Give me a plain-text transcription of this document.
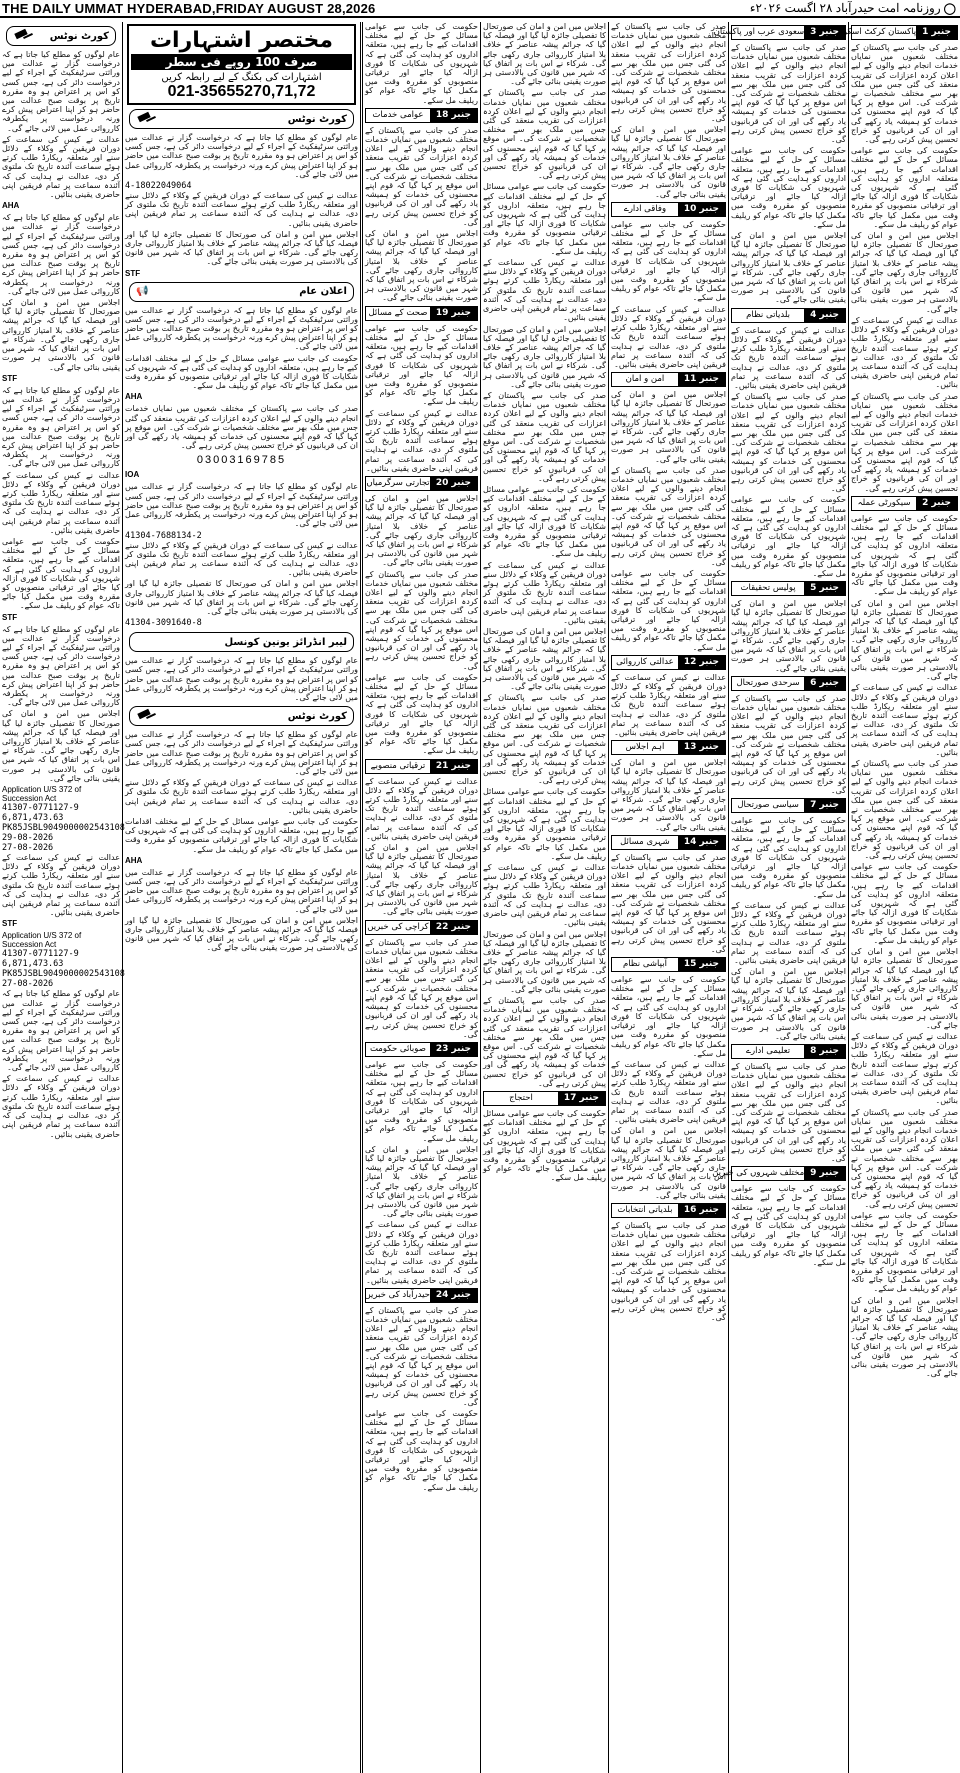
THE DAILY UMMAT HYDERABAD,FRIDAY AUGUST 28,2026	◯ روزنامہ امت حیدرآباد ۲۸ اگست ۲۰۲۶ء
کورٹ نوٹس

عام لوگوں کو مطلع کیا جاتا ہے کہ درخواست گزار نے عدالت میں وراثتی سرٹیفکیٹ کے اجراء کے لیے درخواست دائر کی ہے، جس کسی کو اس پر اعتراض ہو وہ مقررہ تاریخ پر بوقت صبح عدالت میں حاضر ہو کر اپنا اعتراض پیش کرے ورنہ درخواست پر یکطرفہ کارروائی عمل میں لائی جائے گی۔

عدالت نے کیس کی سماعت کے دوران فریقین کے وکلاء کے دلائل سنے اور متعلقہ ریکارڈ طلب کرتے ہوئے سماعت آئندہ تاریخ تک ملتوی کر دی، عدالت نے ہدایت کی کہ آئندہ سماعت پر تمام فریقین اپنی حاضری یقینی بنائیں۔

AHA

عام لوگوں کو مطلع کیا جاتا ہے کہ درخواست گزار نے عدالت میں وراثتی سرٹیفکیٹ کے اجراء کے لیے درخواست دائر کی ہے، جس کسی کو اس پر اعتراض ہو وہ مقررہ تاریخ پر بوقت صبح عدالت میں حاضر ہو کر اپنا اعتراض پیش کرے ورنہ درخواست پر یکطرفہ کارروائی عمل میں لائی جائے گی۔

اجلاس میں امن و امان کی صورتحال کا تفصیلی جائزہ لیا گیا اور فیصلہ کیا گیا کہ جرائم پیشہ عناصر کے خلاف بلا امتیاز کارروائی جاری رکھی جائے گی۔ شرکاء نے اس بات پر اتفاق کیا کہ شہر میں قانون کی بالادستی ہر صورت یقینی بنائی جائے گی۔

STF

عام لوگوں کو مطلع کیا جاتا ہے کہ درخواست گزار نے عدالت میں وراثتی سرٹیفکیٹ کے اجراء کے لیے درخواست دائر کی ہے، جس کسی کو اس پر اعتراض ہو وہ مقررہ تاریخ پر بوقت صبح عدالت میں حاضر ہو کر اپنا اعتراض پیش کرے ورنہ درخواست پر یکطرفہ کارروائی عمل میں لائی جائے گی۔

عدالت نے کیس کی سماعت کے دوران فریقین کے وکلاء کے دلائل سنے اور متعلقہ ریکارڈ طلب کرتے ہوئے سماعت آئندہ تاریخ تک ملتوی کر دی، عدالت نے ہدایت کی کہ آئندہ سماعت پر تمام فریقین اپنی حاضری یقینی بنائیں۔

حکومت کی جانب سے عوامی مسائل کے حل کے لیے مختلف اقدامات کیے جا رہے ہیں، متعلقہ اداروں کو ہدایت کی گئی ہے کہ شہریوں کی شکایات کا فوری ازالہ کیا جائے اور ترقیاتی منصوبوں کو مقررہ وقت میں مکمل کیا جائے تاکہ عوام کو ریلیف مل سکے۔

STF

عام لوگوں کو مطلع کیا جاتا ہے کہ درخواست گزار نے عدالت میں وراثتی سرٹیفکیٹ کے اجراء کے لیے درخواست دائر کی ہے، جس کسی کو اس پر اعتراض ہو وہ مقررہ تاریخ پر بوقت صبح عدالت میں حاضر ہو کر اپنا اعتراض پیش کرے ورنہ درخواست پر یکطرفہ کارروائی عمل میں لائی جائے گی۔

اجلاس میں امن و امان کی صورتحال کا تفصیلی جائزہ لیا گیا اور فیصلہ کیا گیا کہ جرائم پیشہ عناصر کے خلاف بلا امتیاز کارروائی جاری رکھی جائے گی۔ شرکاء نے اس بات پر اتفاق کیا کہ شہر میں قانون کی بالادستی ہر صورت یقینی بنائی جائے گی۔

Application U/S 372 of Succession Act
41307-0771127-9
6,871,473.63
PK85JSBL9049000002543108
29-08-2026
27-08-2026

عدالت نے کیس کی سماعت کے دوران فریقین کے وکلاء کے دلائل سنے اور متعلقہ ریکارڈ طلب کرتے ہوئے سماعت آئندہ تاریخ تک ملتوی کر دی، عدالت نے ہدایت کی کہ آئندہ سماعت پر تمام فریقین اپنی حاضری یقینی بنائیں۔

STF
Application U/S 372 of Succession Act
41307-0771127-9
6,871,473.63
PK85JSBL9049000002543108
27-08-2026

عام لوگوں کو مطلع کیا جاتا ہے کہ درخواست گزار نے عدالت میں وراثتی سرٹیفکیٹ کے اجراء کے لیے درخواست دائر کی ہے، جس کسی کو اس پر اعتراض ہو وہ مقررہ تاریخ پر بوقت صبح عدالت میں حاضر ہو کر اپنا اعتراض پیش کرے ورنہ درخواست پر یکطرفہ کارروائی عمل میں لائی جائے گی۔

عدالت نے کیس کی سماعت کے دوران فریقین کے وکلاء کے دلائل سنے اور متعلقہ ریکارڈ طلب کرتے ہوئے سماعت آئندہ تاریخ تک ملتوی کر دی، عدالت نے ہدایت کی کہ آئندہ سماعت پر تمام فریقین اپنی حاضری یقینی بنائیں۔

مختصر اشتہارات
صرف 100 روپے فی سطر
اشتہارات کی بکنگ کے لیے رابطہ کریں
021-35655270,71,72
کورٹ نوٹس

عام لوگوں کو مطلع کیا جاتا ہے کہ درخواست گزار نے عدالت میں وراثتی سرٹیفکیٹ کے اجراء کے لیے درخواست دائر کی ہے، جس کسی کو اس پر اعتراض ہو وہ مقررہ تاریخ پر بوقت صبح عدالت میں حاضر ہو کر اپنا اعتراض پیش کرے ورنہ درخواست پر یکطرفہ کارروائی عمل میں لائی جائے گی۔

4-18022049064

عدالت نے کیس کی سماعت کے دوران فریقین کے وکلاء کے دلائل سنے اور متعلقہ ریکارڈ طلب کرتے ہوئے سماعت آئندہ تاریخ تک ملتوی کر دی، عدالت نے ہدایت کی کہ آئندہ سماعت پر تمام فریقین اپنی حاضری یقینی بنائیں۔

اجلاس میں امن و امان کی صورتحال کا تفصیلی جائزہ لیا گیا اور فیصلہ کیا گیا کہ جرائم پیشہ عناصر کے خلاف بلا امتیاز کارروائی جاری رکھی جائے گی۔ شرکاء نے اس بات پر اتفاق کیا کہ شہر میں قانون کی بالادستی ہر صورت یقینی بنائی جائے گی۔

STF
اعلان عام
📢

عام لوگوں کو مطلع کیا جاتا ہے کہ درخواست گزار نے عدالت میں وراثتی سرٹیفکیٹ کے اجراء کے لیے درخواست دائر کی ہے، جس کسی کو اس پر اعتراض ہو وہ مقررہ تاریخ پر بوقت صبح عدالت میں حاضر ہو کر اپنا اعتراض پیش کرے ورنہ درخواست پر یکطرفہ کارروائی عمل میں لائی جائے گی۔

حکومت کی جانب سے عوامی مسائل کے حل کے لیے مختلف اقدامات کیے جا رہے ہیں، متعلقہ اداروں کو ہدایت کی گئی ہے کہ شہریوں کی شکایات کا فوری ازالہ کیا جائے اور ترقیاتی منصوبوں کو مقررہ وقت میں مکمل کیا جائے تاکہ عوام کو ریلیف مل سکے۔

AHA

صدر کی جانب سے پاکستان کے مختلف شعبوں میں نمایاں خدمات انجام دینے والوں کے لیے اعلان کردہ اعزازات کی تقریب منعقد کی گئی جس میں ملک بھر سے مختلف شخصیات نے شرکت کی۔ اس موقع پر کہا گیا کہ قوم اپنے محسنوں کی خدمات کو ہمیشہ یاد رکھے گی اور ان کی قربانیوں کو خراج تحسین پیش کرتی رہے گی۔

03003169785
IOA

عام لوگوں کو مطلع کیا جاتا ہے کہ درخواست گزار نے عدالت میں وراثتی سرٹیفکیٹ کے اجراء کے لیے درخواست دائر کی ہے، جس کسی کو اس پر اعتراض ہو وہ مقررہ تاریخ پر بوقت صبح عدالت میں حاضر ہو کر اپنا اعتراض پیش کرے ورنہ درخواست پر یکطرفہ کارروائی عمل میں لائی جائے گی۔

41304-7688134-2

عدالت نے کیس کی سماعت کے دوران فریقین کے وکلاء کے دلائل سنے اور متعلقہ ریکارڈ طلب کرتے ہوئے سماعت آئندہ تاریخ تک ملتوی کر دی، عدالت نے ہدایت کی کہ آئندہ سماعت پر تمام فریقین اپنی حاضری یقینی بنائیں۔

اجلاس میں امن و امان کی صورتحال کا تفصیلی جائزہ لیا گیا اور فیصلہ کیا گیا کہ جرائم پیشہ عناصر کے خلاف بلا امتیاز کارروائی جاری رکھی جائے گی۔ شرکاء نے اس بات پر اتفاق کیا کہ شہر میں قانون کی بالادستی ہر صورت یقینی بنائی جائے گی۔

41304-3091640-8
لیبر انڈرائز یونین کونسل

عام لوگوں کو مطلع کیا جاتا ہے کہ درخواست گزار نے عدالت میں وراثتی سرٹیفکیٹ کے اجراء کے لیے درخواست دائر کی ہے، جس کسی کو اس پر اعتراض ہو وہ مقررہ تاریخ پر بوقت صبح عدالت میں حاضر ہو کر اپنا اعتراض پیش کرے ورنہ درخواست پر یکطرفہ کارروائی عمل میں لائی جائے گی۔

کورٹ نوٹس

عام لوگوں کو مطلع کیا جاتا ہے کہ درخواست گزار نے عدالت میں وراثتی سرٹیفکیٹ کے اجراء کے لیے درخواست دائر کی ہے، جس کسی کو اس پر اعتراض ہو وہ مقررہ تاریخ پر بوقت صبح عدالت میں حاضر ہو کر اپنا اعتراض پیش کرے ورنہ درخواست پر یکطرفہ کارروائی عمل میں لائی جائے گی۔

عدالت نے کیس کی سماعت کے دوران فریقین کے وکلاء کے دلائل سنے اور متعلقہ ریکارڈ طلب کرتے ہوئے سماعت آئندہ تاریخ تک ملتوی کر دی، عدالت نے ہدایت کی کہ آئندہ سماعت پر تمام فریقین اپنی حاضری یقینی بنائیں۔

حکومت کی جانب سے عوامی مسائل کے حل کے لیے مختلف اقدامات کیے جا رہے ہیں، متعلقہ اداروں کو ہدایت کی گئی ہے کہ شہریوں کی شکایات کا فوری ازالہ کیا جائے اور ترقیاتی منصوبوں کو مقررہ وقت میں مکمل کیا جائے تاکہ عوام کو ریلیف مل سکے۔

AHA

عام لوگوں کو مطلع کیا جاتا ہے کہ درخواست گزار نے عدالت میں وراثتی سرٹیفکیٹ کے اجراء کے لیے درخواست دائر کی ہے، جس کسی کو اس پر اعتراض ہو وہ مقررہ تاریخ پر بوقت صبح عدالت میں حاضر ہو کر اپنا اعتراض پیش کرے ورنہ درخواست پر یکطرفہ کارروائی عمل میں لائی جائے گی۔

اجلاس میں امن و امان کی صورتحال کا تفصیلی جائزہ لیا گیا اور فیصلہ کیا گیا کہ جرائم پیشہ عناصر کے خلاف بلا امتیاز کارروائی جاری رکھی جائے گی۔ شرکاء نے اس بات پر اتفاق کیا کہ شہر میں قانون کی بالادستی ہر صورت یقینی بنائی جائے گی۔

حکومت کی جانب سے عوامی مسائل کے حل کے لیے مختلف اقدامات کیے جا رہے ہیں، متعلقہ اداروں کو ہدایت کی گئی ہے کہ شہریوں کی شکایات کا فوری ازالہ کیا جائے اور ترقیاتی منصوبوں کو مقررہ وقت میں مکمل کیا جائے تاکہ عوام کو ریلیف مل سکے۔

جنبر 18
عوامی خدمات

صدر کی جانب سے پاکستان کے مختلف شعبوں میں نمایاں خدمات انجام دینے والوں کے لیے اعلان کردہ اعزازات کی تقریب منعقد کی گئی جس میں ملک بھر سے مختلف شخصیات نے شرکت کی۔ اس موقع پر کہا گیا کہ قوم اپنے محسنوں کی خدمات کو ہمیشہ یاد رکھے گی اور ان کی قربانیوں کو خراج تحسین پیش کرتی رہے گی۔

اجلاس میں امن و امان کی صورتحال کا تفصیلی جائزہ لیا گیا اور فیصلہ کیا گیا کہ جرائم پیشہ عناصر کے خلاف بلا امتیاز کارروائی جاری رکھی جائے گی۔ شرکاء نے اس بات پر اتفاق کیا کہ شہر میں قانون کی بالادستی ہر صورت یقینی بنائی جائے گی۔

جنبر 19
صحت کے مسائل

حکومت کی جانب سے عوامی مسائل کے حل کے لیے مختلف اقدامات کیے جا رہے ہیں، متعلقہ اداروں کو ہدایت کی گئی ہے کہ شہریوں کی شکایات کا فوری ازالہ کیا جائے اور ترقیاتی منصوبوں کو مقررہ وقت میں مکمل کیا جائے تاکہ عوام کو ریلیف مل سکے۔

عدالت نے کیس کی سماعت کے دوران فریقین کے وکلاء کے دلائل سنے اور متعلقہ ریکارڈ طلب کرتے ہوئے سماعت آئندہ تاریخ تک ملتوی کر دی، عدالت نے ہدایت کی کہ آئندہ سماعت پر تمام فریقین اپنی حاضری یقینی بنائیں۔

جنبر 20
تجارتی سرگرمیاں

اجلاس میں امن و امان کی صورتحال کا تفصیلی جائزہ لیا گیا اور فیصلہ کیا گیا کہ جرائم پیشہ عناصر کے خلاف بلا امتیاز کارروائی جاری رکھی جائے گی۔ شرکاء نے اس بات پر اتفاق کیا کہ شہر میں قانون کی بالادستی ہر صورت یقینی بنائی جائے گی۔

صدر کی جانب سے پاکستان کے مختلف شعبوں میں نمایاں خدمات انجام دینے والوں کے لیے اعلان کردہ اعزازات کی تقریب منعقد کی گئی جس میں ملک بھر سے مختلف شخصیات نے شرکت کی۔ اس موقع پر کہا گیا کہ قوم اپنے محسنوں کی خدمات کو ہمیشہ یاد رکھے گی اور ان کی قربانیوں کو خراج تحسین پیش کرتی رہے گی۔

حکومت کی جانب سے عوامی مسائل کے حل کے لیے مختلف اقدامات کیے جا رہے ہیں، متعلقہ اداروں کو ہدایت کی گئی ہے کہ شہریوں کی شکایات کا فوری ازالہ کیا جائے اور ترقیاتی منصوبوں کو مقررہ وقت میں مکمل کیا جائے تاکہ عوام کو ریلیف مل سکے۔

جنبر 21
ترقیاتی منصوبے

عدالت نے کیس کی سماعت کے دوران فریقین کے وکلاء کے دلائل سنے اور متعلقہ ریکارڈ طلب کرتے ہوئے سماعت آئندہ تاریخ تک ملتوی کر دی، عدالت نے ہدایت کی کہ آئندہ سماعت پر تمام فریقین اپنی حاضری یقینی بنائیں۔

اجلاس میں امن و امان کی صورتحال کا تفصیلی جائزہ لیا گیا اور فیصلہ کیا گیا کہ جرائم پیشہ عناصر کے خلاف بلا امتیاز کارروائی جاری رکھی جائے گی۔ شرکاء نے اس بات پر اتفاق کیا کہ شہر میں قانون کی بالادستی ہر صورت یقینی بنائی جائے گی۔

جنبر 22
کراچی کی خبریں

صدر کی جانب سے پاکستان کے مختلف شعبوں میں نمایاں خدمات انجام دینے والوں کے لیے اعلان کردہ اعزازات کی تقریب منعقد کی گئی جس میں ملک بھر سے مختلف شخصیات نے شرکت کی۔ اس موقع پر کہا گیا کہ قوم اپنے محسنوں کی خدمات کو ہمیشہ یاد رکھے گی اور ان کی قربانیوں کو خراج تحسین پیش کرتی رہے گی۔

جنبر 23
صوبائی حکومت

حکومت کی جانب سے عوامی مسائل کے حل کے لیے مختلف اقدامات کیے جا رہے ہیں، متعلقہ اداروں کو ہدایت کی گئی ہے کہ شہریوں کی شکایات کا فوری ازالہ کیا جائے اور ترقیاتی منصوبوں کو مقررہ وقت میں مکمل کیا جائے تاکہ عوام کو ریلیف مل سکے۔

اجلاس میں امن و امان کی صورتحال کا تفصیلی جائزہ لیا گیا اور فیصلہ کیا گیا کہ جرائم پیشہ عناصر کے خلاف بلا امتیاز کارروائی جاری رکھی جائے گی۔ شرکاء نے اس بات پر اتفاق کیا کہ شہر میں قانون کی بالادستی ہر صورت یقینی بنائی جائے گی۔

عدالت نے کیس کی سماعت کے دوران فریقین کے وکلاء کے دلائل سنے اور متعلقہ ریکارڈ طلب کرتے ہوئے سماعت آئندہ تاریخ تک ملتوی کر دی، عدالت نے ہدایت کی کہ آئندہ سماعت پر تمام فریقین اپنی حاضری یقینی بنائیں۔

جنبر 24
حیدرآباد کی خبریں

صدر کی جانب سے پاکستان کے مختلف شعبوں میں نمایاں خدمات انجام دینے والوں کے لیے اعلان کردہ اعزازات کی تقریب منعقد کی گئی جس میں ملک بھر سے مختلف شخصیات نے شرکت کی۔ اس موقع پر کہا گیا کہ قوم اپنے محسنوں کی خدمات کو ہمیشہ یاد رکھے گی اور ان کی قربانیوں کو خراج تحسین پیش کرتی رہے گی۔

حکومت کی جانب سے عوامی مسائل کے حل کے لیے مختلف اقدامات کیے جا رہے ہیں، متعلقہ اداروں کو ہدایت کی گئی ہے کہ شہریوں کی شکایات کا فوری ازالہ کیا جائے اور ترقیاتی منصوبوں کو مقررہ وقت میں مکمل کیا جائے تاکہ عوام کو ریلیف مل سکے۔

اجلاس میں امن و امان کی صورتحال کا تفصیلی جائزہ لیا گیا اور فیصلہ کیا گیا کہ جرائم پیشہ عناصر کے خلاف بلا امتیاز کارروائی جاری رکھی جائے گی۔ شرکاء نے اس بات پر اتفاق کیا کہ شہر میں قانون کی بالادستی ہر صورت یقینی بنائی جائے گی۔

صدر کی جانب سے پاکستان کے مختلف شعبوں میں نمایاں خدمات انجام دینے والوں کے لیے اعلان کردہ اعزازات کی تقریب منعقد کی گئی جس میں ملک بھر سے مختلف شخصیات نے شرکت کی۔ اس موقع پر کہا گیا کہ قوم اپنے محسنوں کی خدمات کو ہمیشہ یاد رکھے گی اور ان کی قربانیوں کو خراج تحسین پیش کرتی رہے گی۔

حکومت کی جانب سے عوامی مسائل کے حل کے لیے مختلف اقدامات کیے جا رہے ہیں، متعلقہ اداروں کو ہدایت کی گئی ہے کہ شہریوں کی شکایات کا فوری ازالہ کیا جائے اور ترقیاتی منصوبوں کو مقررہ وقت میں مکمل کیا جائے تاکہ عوام کو ریلیف مل سکے۔

عدالت نے کیس کی سماعت کے دوران فریقین کے وکلاء کے دلائل سنے اور متعلقہ ریکارڈ طلب کرتے ہوئے سماعت آئندہ تاریخ تک ملتوی کر دی، عدالت نے ہدایت کی کہ آئندہ سماعت پر تمام فریقین اپنی حاضری یقینی بنائیں۔

اجلاس میں امن و امان کی صورتحال کا تفصیلی جائزہ لیا گیا اور فیصلہ کیا گیا کہ جرائم پیشہ عناصر کے خلاف بلا امتیاز کارروائی جاری رکھی جائے گی۔ شرکاء نے اس بات پر اتفاق کیا کہ شہر میں قانون کی بالادستی ہر صورت یقینی بنائی جائے گی۔

صدر کی جانب سے پاکستان کے مختلف شعبوں میں نمایاں خدمات انجام دینے والوں کے لیے اعلان کردہ اعزازات کی تقریب منعقد کی گئی جس میں ملک بھر سے مختلف شخصیات نے شرکت کی۔ اس موقع پر کہا گیا کہ قوم اپنے محسنوں کی خدمات کو ہمیشہ یاد رکھے گی اور ان کی قربانیوں کو خراج تحسین پیش کرتی رہے گی۔

حکومت کی جانب سے عوامی مسائل کے حل کے لیے مختلف اقدامات کیے جا رہے ہیں، متعلقہ اداروں کو ہدایت کی گئی ہے کہ شہریوں کی شکایات کا فوری ازالہ کیا جائے اور ترقیاتی منصوبوں کو مقررہ وقت میں مکمل کیا جائے تاکہ عوام کو ریلیف مل سکے۔

عدالت نے کیس کی سماعت کے دوران فریقین کے وکلاء کے دلائل سنے اور متعلقہ ریکارڈ طلب کرتے ہوئے سماعت آئندہ تاریخ تک ملتوی کر دی، عدالت نے ہدایت کی کہ آئندہ سماعت پر تمام فریقین اپنی حاضری یقینی بنائیں۔

اجلاس میں امن و امان کی صورتحال کا تفصیلی جائزہ لیا گیا اور فیصلہ کیا گیا کہ جرائم پیشہ عناصر کے خلاف بلا امتیاز کارروائی جاری رکھی جائے گی۔ شرکاء نے اس بات پر اتفاق کیا کہ شہر میں قانون کی بالادستی ہر صورت یقینی بنائی جائے گی۔

صدر کی جانب سے پاکستان کے مختلف شعبوں میں نمایاں خدمات انجام دینے والوں کے لیے اعلان کردہ اعزازات کی تقریب منعقد کی گئی جس میں ملک بھر سے مختلف شخصیات نے شرکت کی۔ اس موقع پر کہا گیا کہ قوم اپنے محسنوں کی خدمات کو ہمیشہ یاد رکھے گی اور ان کی قربانیوں کو خراج تحسین پیش کرتی رہے گی۔

حکومت کی جانب سے عوامی مسائل کے حل کے لیے مختلف اقدامات کیے جا رہے ہیں، متعلقہ اداروں کو ہدایت کی گئی ہے کہ شہریوں کی شکایات کا فوری ازالہ کیا جائے اور ترقیاتی منصوبوں کو مقررہ وقت میں مکمل کیا جائے تاکہ عوام کو ریلیف مل سکے۔

عدالت نے کیس کی سماعت کے دوران فریقین کے وکلاء کے دلائل سنے اور متعلقہ ریکارڈ طلب کرتے ہوئے سماعت آئندہ تاریخ تک ملتوی کر دی، عدالت نے ہدایت کی کہ آئندہ سماعت پر تمام فریقین اپنی حاضری یقینی بنائیں۔

اجلاس میں امن و امان کی صورتحال کا تفصیلی جائزہ لیا گیا اور فیصلہ کیا گیا کہ جرائم پیشہ عناصر کے خلاف بلا امتیاز کارروائی جاری رکھی جائے گی۔ شرکاء نے اس بات پر اتفاق کیا کہ شہر میں قانون کی بالادستی ہر صورت یقینی بنائی جائے گی۔

صدر کی جانب سے پاکستان کے مختلف شعبوں میں نمایاں خدمات انجام دینے والوں کے لیے اعلان کردہ اعزازات کی تقریب منعقد کی گئی جس میں ملک بھر سے مختلف شخصیات نے شرکت کی۔ اس موقع پر کہا گیا کہ قوم اپنے محسنوں کی خدمات کو ہمیشہ یاد رکھے گی اور ان کی قربانیوں کو خراج تحسین پیش کرتی رہے گی۔

جنبر 17
احتجاج

حکومت کی جانب سے عوامی مسائل کے حل کے لیے مختلف اقدامات کیے جا رہے ہیں، متعلقہ اداروں کو ہدایت کی گئی ہے کہ شہریوں کی شکایات کا فوری ازالہ کیا جائے اور ترقیاتی منصوبوں کو مقررہ وقت میں مکمل کیا جائے تاکہ عوام کو ریلیف مل سکے۔

صدر کی جانب سے پاکستان کے مختلف شعبوں میں نمایاں خدمات انجام دینے والوں کے لیے اعلان کردہ اعزازات کی تقریب منعقد کی گئی جس میں ملک بھر سے مختلف شخصیات نے شرکت کی۔ اس موقع پر کہا گیا کہ قوم اپنے محسنوں کی خدمات کو ہمیشہ یاد رکھے گی اور ان کی قربانیوں کو خراج تحسین پیش کرتی رہے گی۔

اجلاس میں امن و امان کی صورتحال کا تفصیلی جائزہ لیا گیا اور فیصلہ کیا گیا کہ جرائم پیشہ عناصر کے خلاف بلا امتیاز کارروائی جاری رکھی جائے گی۔ شرکاء نے اس بات پر اتفاق کیا کہ شہر میں قانون کی بالادستی ہر صورت یقینی بنائی جائے گی۔

جنبر 10
وفاقی ادارے

حکومت کی جانب سے عوامی مسائل کے حل کے لیے مختلف اقدامات کیے جا رہے ہیں، متعلقہ اداروں کو ہدایت کی گئی ہے کہ شہریوں کی شکایات کا فوری ازالہ کیا جائے اور ترقیاتی منصوبوں کو مقررہ وقت میں مکمل کیا جائے تاکہ عوام کو ریلیف مل سکے۔

عدالت نے کیس کی سماعت کے دوران فریقین کے وکلاء کے دلائل سنے اور متعلقہ ریکارڈ طلب کرتے ہوئے سماعت آئندہ تاریخ تک ملتوی کر دی، عدالت نے ہدایت کی کہ آئندہ سماعت پر تمام فریقین اپنی حاضری یقینی بنائیں۔

جنبر 11
امن و امان

اجلاس میں امن و امان کی صورتحال کا تفصیلی جائزہ لیا گیا اور فیصلہ کیا گیا کہ جرائم پیشہ عناصر کے خلاف بلا امتیاز کارروائی جاری رکھی جائے گی۔ شرکاء نے اس بات پر اتفاق کیا کہ شہر میں قانون کی بالادستی ہر صورت یقینی بنائی جائے گی۔

صدر کی جانب سے پاکستان کے مختلف شعبوں میں نمایاں خدمات انجام دینے والوں کے لیے اعلان کردہ اعزازات کی تقریب منعقد کی گئی جس میں ملک بھر سے مختلف شخصیات نے شرکت کی۔ اس موقع پر کہا گیا کہ قوم اپنے محسنوں کی خدمات کو ہمیشہ یاد رکھے گی اور ان کی قربانیوں کو خراج تحسین پیش کرتی رہے گی۔

حکومت کی جانب سے عوامی مسائل کے حل کے لیے مختلف اقدامات کیے جا رہے ہیں، متعلقہ اداروں کو ہدایت کی گئی ہے کہ شہریوں کی شکایات کا فوری ازالہ کیا جائے اور ترقیاتی منصوبوں کو مقررہ وقت میں مکمل کیا جائے تاکہ عوام کو ریلیف مل سکے۔

جنبر 12
عدالتی کارروائی

عدالت نے کیس کی سماعت کے دوران فریقین کے وکلاء کے دلائل سنے اور متعلقہ ریکارڈ طلب کرتے ہوئے سماعت آئندہ تاریخ تک ملتوی کر دی، عدالت نے ہدایت کی کہ آئندہ سماعت پر تمام فریقین اپنی حاضری یقینی بنائیں۔

جنبر 13
اہم اجلاس

اجلاس میں امن و امان کی صورتحال کا تفصیلی جائزہ لیا گیا اور فیصلہ کیا گیا کہ جرائم پیشہ عناصر کے خلاف بلا امتیاز کارروائی جاری رکھی جائے گی۔ شرکاء نے اس بات پر اتفاق کیا کہ شہر میں قانون کی بالادستی ہر صورت یقینی بنائی جائے گی۔

جنبر 14
شہری مسائل

صدر کی جانب سے پاکستان کے مختلف شعبوں میں نمایاں خدمات انجام دینے والوں کے لیے اعلان کردہ اعزازات کی تقریب منعقد کی گئی جس میں ملک بھر سے مختلف شخصیات نے شرکت کی۔ اس موقع پر کہا گیا کہ قوم اپنے محسنوں کی خدمات کو ہمیشہ یاد رکھے گی اور ان کی قربانیوں کو خراج تحسین پیش کرتی رہے گی۔

جنبر 15
آبپاشی نظام

حکومت کی جانب سے عوامی مسائل کے حل کے لیے مختلف اقدامات کیے جا رہے ہیں، متعلقہ اداروں کو ہدایت کی گئی ہے کہ شہریوں کی شکایات کا فوری ازالہ کیا جائے اور ترقیاتی منصوبوں کو مقررہ وقت میں مکمل کیا جائے تاکہ عوام کو ریلیف مل سکے۔

عدالت نے کیس کی سماعت کے دوران فریقین کے وکلاء کے دلائل سنے اور متعلقہ ریکارڈ طلب کرتے ہوئے سماعت آئندہ تاریخ تک ملتوی کر دی، عدالت نے ہدایت کی کہ آئندہ سماعت پر تمام فریقین اپنی حاضری یقینی بنائیں۔

اجلاس میں امن و امان کی صورتحال کا تفصیلی جائزہ لیا گیا اور فیصلہ کیا گیا کہ جرائم پیشہ عناصر کے خلاف بلا امتیاز کارروائی جاری رکھی جائے گی۔ شرکاء نے اس بات پر اتفاق کیا کہ شہر میں قانون کی بالادستی ہر صورت یقینی بنائی جائے گی۔

جنبر 16
بلدیاتی انتخابات

صدر کی جانب سے پاکستان کے مختلف شعبوں میں نمایاں خدمات انجام دینے والوں کے لیے اعلان کردہ اعزازات کی تقریب منعقد کی گئی جس میں ملک بھر سے مختلف شخصیات نے شرکت کی۔ اس موقع پر کہا گیا کہ قوم اپنے محسنوں کی خدمات کو ہمیشہ یاد رکھے گی اور ان کی قربانیوں کو خراج تحسین پیش کرتی رہے گی۔

جنبر 3
سعودی عرب اور پاکستان

صدر کی جانب سے پاکستان کے مختلف شعبوں میں نمایاں خدمات انجام دینے والوں کے لیے اعلان کردہ اعزازات کی تقریب منعقد کی گئی جس میں ملک بھر سے مختلف شخصیات نے شرکت کی۔ اس موقع پر کہا گیا کہ قوم اپنے محسنوں کی خدمات کو ہمیشہ یاد رکھے گی اور ان کی قربانیوں کو خراج تحسین پیش کرتی رہے گی۔

حکومت کی جانب سے عوامی مسائل کے حل کے لیے مختلف اقدامات کیے جا رہے ہیں، متعلقہ اداروں کو ہدایت کی گئی ہے کہ شہریوں کی شکایات کا فوری ازالہ کیا جائے اور ترقیاتی منصوبوں کو مقررہ وقت میں مکمل کیا جائے تاکہ عوام کو ریلیف مل سکے۔

اجلاس میں امن و امان کی صورتحال کا تفصیلی جائزہ لیا گیا اور فیصلہ کیا گیا کہ جرائم پیشہ عناصر کے خلاف بلا امتیاز کارروائی جاری رکھی جائے گی۔ شرکاء نے اس بات پر اتفاق کیا کہ شہر میں قانون کی بالادستی ہر صورت یقینی بنائی جائے گی۔

جنبر 4
بلدیاتی نظام

عدالت نے کیس کی سماعت کے دوران فریقین کے وکلاء کے دلائل سنے اور متعلقہ ریکارڈ طلب کرتے ہوئے سماعت آئندہ تاریخ تک ملتوی کر دی، عدالت نے ہدایت کی کہ آئندہ سماعت پر تمام فریقین اپنی حاضری یقینی بنائیں۔

صدر کی جانب سے پاکستان کے مختلف شعبوں میں نمایاں خدمات انجام دینے والوں کے لیے اعلان کردہ اعزازات کی تقریب منعقد کی گئی جس میں ملک بھر سے مختلف شخصیات نے شرکت کی۔ اس موقع پر کہا گیا کہ قوم اپنے محسنوں کی خدمات کو ہمیشہ یاد رکھے گی اور ان کی قربانیوں کو خراج تحسین پیش کرتی رہے گی۔

حکومت کی جانب سے عوامی مسائل کے حل کے لیے مختلف اقدامات کیے جا رہے ہیں، متعلقہ اداروں کو ہدایت کی گئی ہے کہ شہریوں کی شکایات کا فوری ازالہ کیا جائے اور ترقیاتی منصوبوں کو مقررہ وقت میں مکمل کیا جائے تاکہ عوام کو ریلیف مل سکے۔

جنبر 5
پولیس تحقیقات

اجلاس میں امن و امان کی صورتحال کا تفصیلی جائزہ لیا گیا اور فیصلہ کیا گیا کہ جرائم پیشہ عناصر کے خلاف بلا امتیاز کارروائی جاری رکھی جائے گی۔ شرکاء نے اس بات پر اتفاق کیا کہ شہر میں قانون کی بالادستی ہر صورت یقینی بنائی جائے گی۔

جنبر 6
سرحدی صورتحال

صدر کی جانب سے پاکستان کے مختلف شعبوں میں نمایاں خدمات انجام دینے والوں کے لیے اعلان کردہ اعزازات کی تقریب منعقد کی گئی جس میں ملک بھر سے مختلف شخصیات نے شرکت کی۔ اس موقع پر کہا گیا کہ قوم اپنے محسنوں کی خدمات کو ہمیشہ یاد رکھے گی اور ان کی قربانیوں کو خراج تحسین پیش کرتی رہے گی۔

جنبر 7
سیاسی صورتحال

حکومت کی جانب سے عوامی مسائل کے حل کے لیے مختلف اقدامات کیے جا رہے ہیں، متعلقہ اداروں کو ہدایت کی گئی ہے کہ شہریوں کی شکایات کا فوری ازالہ کیا جائے اور ترقیاتی منصوبوں کو مقررہ وقت میں مکمل کیا جائے تاکہ عوام کو ریلیف مل سکے۔

عدالت نے کیس کی سماعت کے دوران فریقین کے وکلاء کے دلائل سنے اور متعلقہ ریکارڈ طلب کرتے ہوئے سماعت آئندہ تاریخ تک ملتوی کر دی، عدالت نے ہدایت کی کہ آئندہ سماعت پر تمام فریقین اپنی حاضری یقینی بنائیں۔

اجلاس میں امن و امان کی صورتحال کا تفصیلی جائزہ لیا گیا اور فیصلہ کیا گیا کہ جرائم پیشہ عناصر کے خلاف بلا امتیاز کارروائی جاری رکھی جائے گی۔ شرکاء نے اس بات پر اتفاق کیا کہ شہر میں قانون کی بالادستی ہر صورت یقینی بنائی جائے گی۔

جنبر 8
تعلیمی ادارے

صدر کی جانب سے پاکستان کے مختلف شعبوں میں نمایاں خدمات انجام دینے والوں کے لیے اعلان کردہ اعزازات کی تقریب منعقد کی گئی جس میں ملک بھر سے مختلف شخصیات نے شرکت کی۔ اس موقع پر کہا گیا کہ قوم اپنے محسنوں کی خدمات کو ہمیشہ یاد رکھے گی اور ان کی قربانیوں کو خراج تحسین پیش کرتی رہے گی۔

جنبر 9
مختلف شہروں کی خبریں

حکومت کی جانب سے عوامی مسائل کے حل کے لیے مختلف اقدامات کیے جا رہے ہیں، متعلقہ اداروں کو ہدایت کی گئی ہے کہ شہریوں کی شکایات کا فوری ازالہ کیا جائے اور ترقیاتی منصوبوں کو مقررہ وقت میں مکمل کیا جائے تاکہ عوام کو ریلیف مل سکے۔

جنبر 1
پاکستان کرکٹ اسکواڈ

صدر کی جانب سے پاکستان کے مختلف شعبوں میں نمایاں خدمات انجام دینے والوں کے لیے اعلان کردہ اعزازات کی تقریب منعقد کی گئی جس میں ملک بھر سے مختلف شخصیات نے شرکت کی۔ اس موقع پر کہا گیا کہ قوم اپنے محسنوں کی خدمات کو ہمیشہ یاد رکھے گی اور ان کی قربانیوں کو خراج تحسین پیش کرتی رہے گی۔

حکومت کی جانب سے عوامی مسائل کے حل کے لیے مختلف اقدامات کیے جا رہے ہیں، متعلقہ اداروں کو ہدایت کی گئی ہے کہ شہریوں کی شکایات کا فوری ازالہ کیا جائے اور ترقیاتی منصوبوں کو مقررہ وقت میں مکمل کیا جائے تاکہ عوام کو ریلیف مل سکے۔

اجلاس میں امن و امان کی صورتحال کا تفصیلی جائزہ لیا گیا اور فیصلہ کیا گیا کہ جرائم پیشہ عناصر کے خلاف بلا امتیاز کارروائی جاری رکھی جائے گی۔ شرکاء نے اس بات پر اتفاق کیا کہ شہر میں قانون کی بالادستی ہر صورت یقینی بنائی جائے گی۔

عدالت نے کیس کی سماعت کے دوران فریقین کے وکلاء کے دلائل سنے اور متعلقہ ریکارڈ طلب کرتے ہوئے سماعت آئندہ تاریخ تک ملتوی کر دی، عدالت نے ہدایت کی کہ آئندہ سماعت پر تمام فریقین اپنی حاضری یقینی بنائیں۔

صدر کی جانب سے پاکستان کے مختلف شعبوں میں نمایاں خدمات انجام دینے والوں کے لیے اعلان کردہ اعزازات کی تقریب منعقد کی گئی جس میں ملک بھر سے مختلف شخصیات نے شرکت کی۔ اس موقع پر کہا گیا کہ قوم اپنے محسنوں کی خدمات کو ہمیشہ یاد رکھے گی اور ان کی قربانیوں کو خراج تحسین پیش کرتی رہے گی۔

جنبر 2
سیکورٹی عملہ

حکومت کی جانب سے عوامی مسائل کے حل کے لیے مختلف اقدامات کیے جا رہے ہیں، متعلقہ اداروں کو ہدایت کی گئی ہے کہ شہریوں کی شکایات کا فوری ازالہ کیا جائے اور ترقیاتی منصوبوں کو مقررہ وقت میں مکمل کیا جائے تاکہ عوام کو ریلیف مل سکے۔

اجلاس میں امن و امان کی صورتحال کا تفصیلی جائزہ لیا گیا اور فیصلہ کیا گیا کہ جرائم پیشہ عناصر کے خلاف بلا امتیاز کارروائی جاری رکھی جائے گی۔ شرکاء نے اس بات پر اتفاق کیا کہ شہر میں قانون کی بالادستی ہر صورت یقینی بنائی جائے گی۔

عدالت نے کیس کی سماعت کے دوران فریقین کے وکلاء کے دلائل سنے اور متعلقہ ریکارڈ طلب کرتے ہوئے سماعت آئندہ تاریخ تک ملتوی کر دی، عدالت نے ہدایت کی کہ آئندہ سماعت پر تمام فریقین اپنی حاضری یقینی بنائیں۔

صدر کی جانب سے پاکستان کے مختلف شعبوں میں نمایاں خدمات انجام دینے والوں کے لیے اعلان کردہ اعزازات کی تقریب منعقد کی گئی جس میں ملک بھر سے مختلف شخصیات نے شرکت کی۔ اس موقع پر کہا گیا کہ قوم اپنے محسنوں کی خدمات کو ہمیشہ یاد رکھے گی اور ان کی قربانیوں کو خراج تحسین پیش کرتی رہے گی۔

حکومت کی جانب سے عوامی مسائل کے حل کے لیے مختلف اقدامات کیے جا رہے ہیں، متعلقہ اداروں کو ہدایت کی گئی ہے کہ شہریوں کی شکایات کا فوری ازالہ کیا جائے اور ترقیاتی منصوبوں کو مقررہ وقت میں مکمل کیا جائے تاکہ عوام کو ریلیف مل سکے۔

اجلاس میں امن و امان کی صورتحال کا تفصیلی جائزہ لیا گیا اور فیصلہ کیا گیا کہ جرائم پیشہ عناصر کے خلاف بلا امتیاز کارروائی جاری رکھی جائے گی۔ شرکاء نے اس بات پر اتفاق کیا کہ شہر میں قانون کی بالادستی ہر صورت یقینی بنائی جائے گی۔

عدالت نے کیس کی سماعت کے دوران فریقین کے وکلاء کے دلائل سنے اور متعلقہ ریکارڈ طلب کرتے ہوئے سماعت آئندہ تاریخ تک ملتوی کر دی، عدالت نے ہدایت کی کہ آئندہ سماعت پر تمام فریقین اپنی حاضری یقینی بنائیں۔

صدر کی جانب سے پاکستان کے مختلف شعبوں میں نمایاں خدمات انجام دینے والوں کے لیے اعلان کردہ اعزازات کی تقریب منعقد کی گئی جس میں ملک بھر سے مختلف شخصیات نے شرکت کی۔ اس موقع پر کہا گیا کہ قوم اپنے محسنوں کی خدمات کو ہمیشہ یاد رکھے گی اور ان کی قربانیوں کو خراج تحسین پیش کرتی رہے گی۔

حکومت کی جانب سے عوامی مسائل کے حل کے لیے مختلف اقدامات کیے جا رہے ہیں، متعلقہ اداروں کو ہدایت کی گئی ہے کہ شہریوں کی شکایات کا فوری ازالہ کیا جائے اور ترقیاتی منصوبوں کو مقررہ وقت میں مکمل کیا جائے تاکہ عوام کو ریلیف مل سکے۔

اجلاس میں امن و امان کی صورتحال کا تفصیلی جائزہ لیا گیا اور فیصلہ کیا گیا کہ جرائم پیشہ عناصر کے خلاف بلا امتیاز کارروائی جاری رکھی جائے گی۔ شرکاء نے اس بات پر اتفاق کیا کہ شہر میں قانون کی بالادستی ہر صورت یقینی بنائی جائے گی۔
